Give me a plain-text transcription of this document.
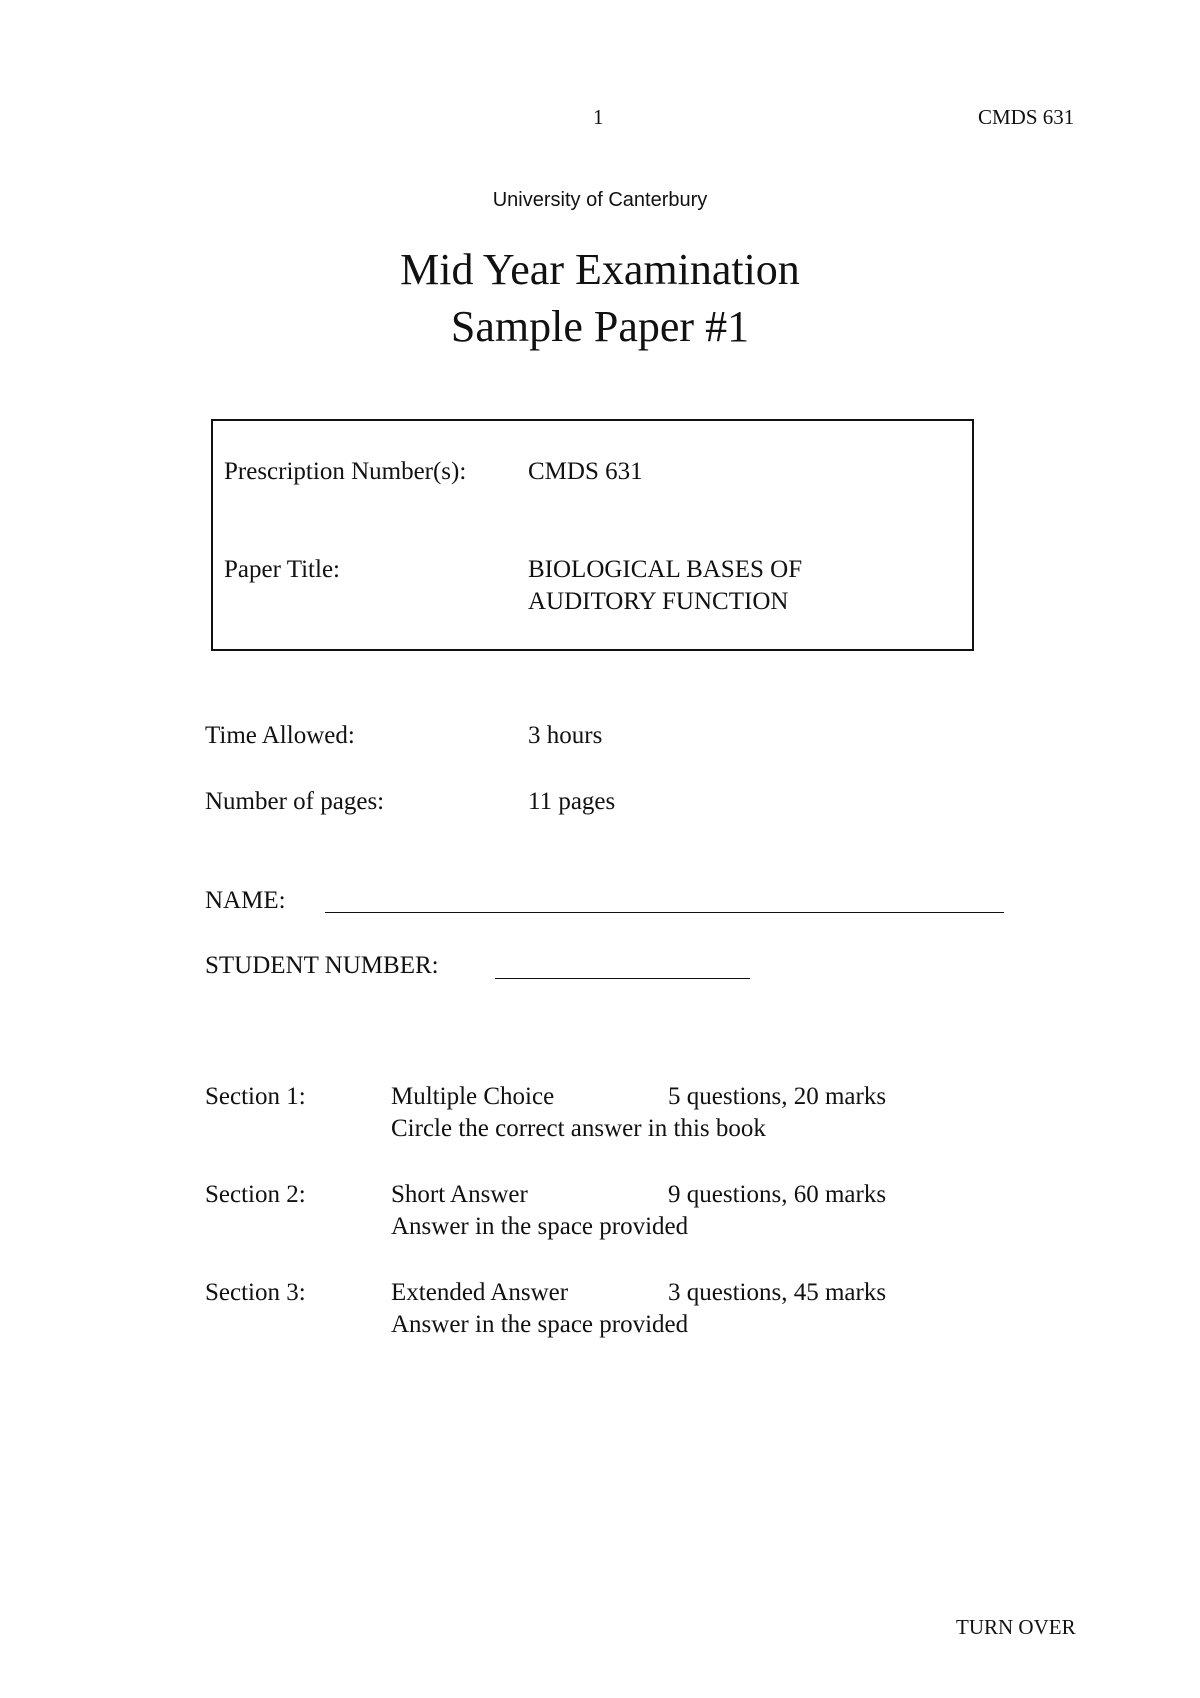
1	CMDS 631
University of Canterbury
Mid Year Examination
Sample Paper #1
Prescription Number(s): CMDS 631
Paper Title:	BIOLOGICAL BASES OF
AUDITORY FUNCTION
Time Allowed:	3 hours
Number of pages:	11 pages
NAME:
STUDENT NUMBER:
Section 1:	Multiple Choice	5 questions, 20 marks
Circle the correct answer in this book
Section 2:	Short Answer	9 questions, 60 marks
Answer in the space provided
Section 3:	Extended Answer	3 questions, 45 marks
Answer in the space provided
TURN OVER
